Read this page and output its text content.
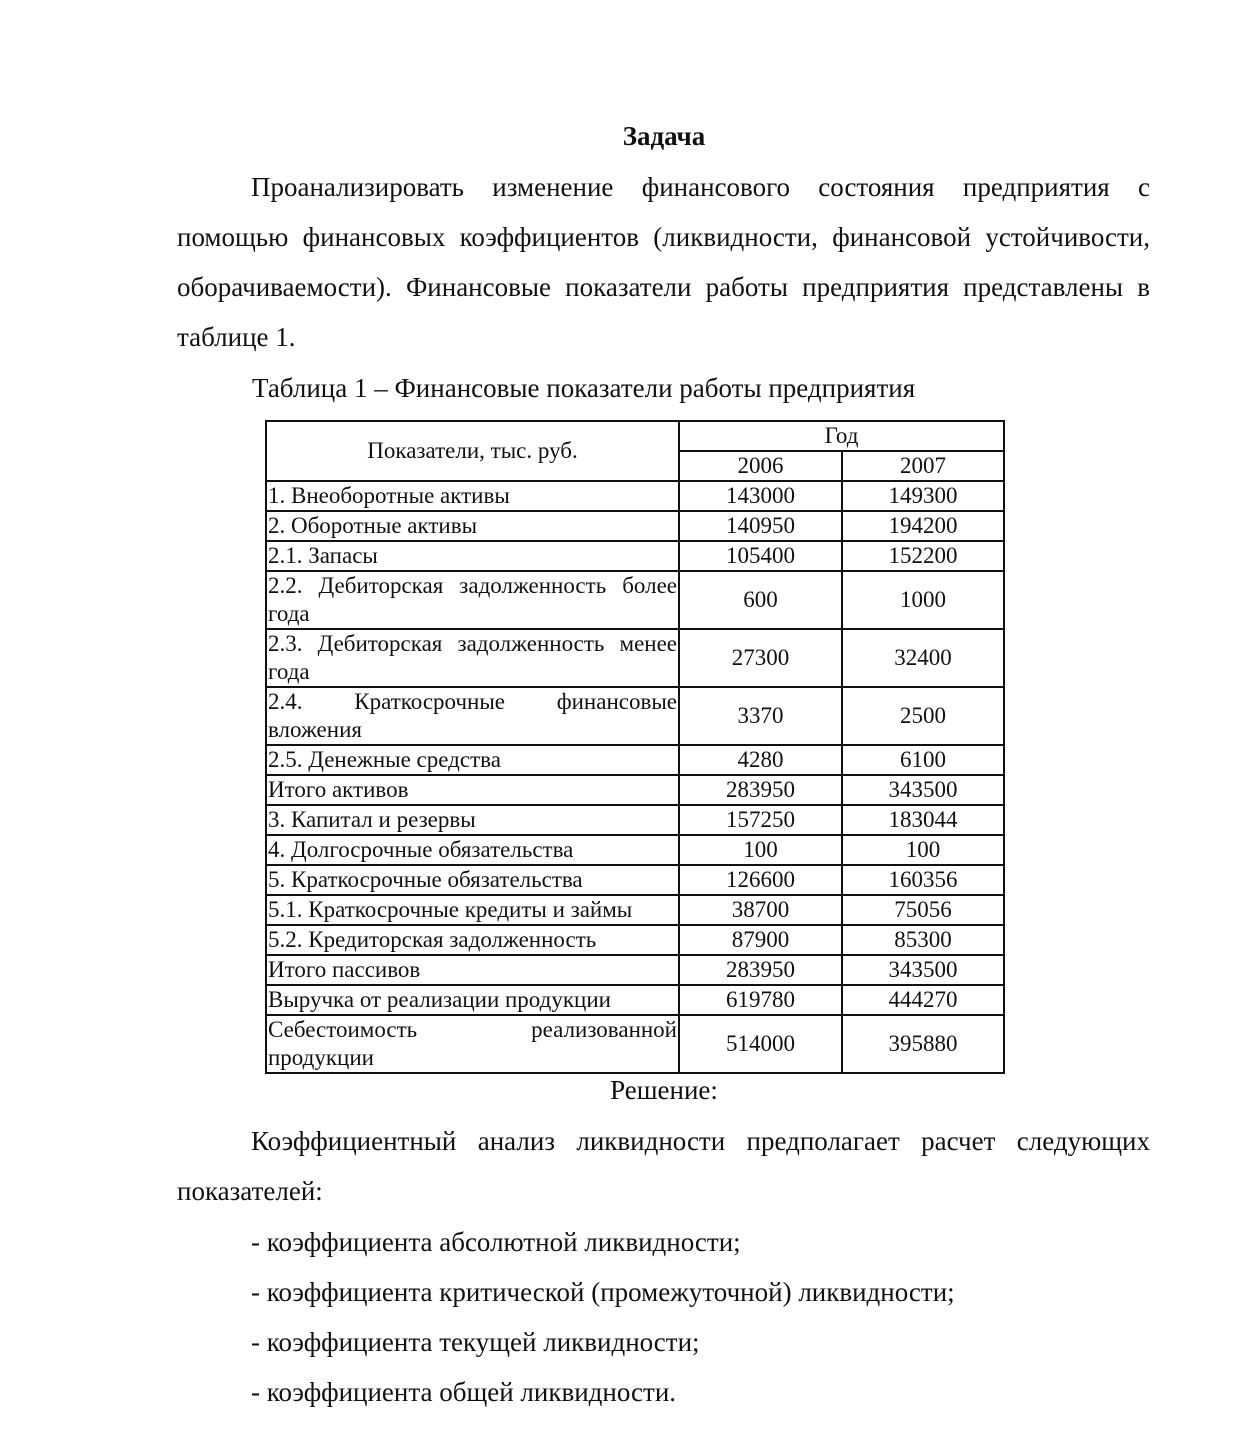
Задача
Проанализировать изменение финансового состояния предприятия с помощью финансовых коэффициентов (ликвидности, финансовой устойчивости, оборачиваемости). Финансовые показатели работы предприятия представлены в таблице 1.
Таблица 1 – Финансовые показатели работы предприятия
Показатели, тыс. руб.	Год	
	2006	2007
1. Внеоборотные активы	143000	149300
2. Оборотные активы	140950	194200
2.1. Запасы	105400	152200
2.2. Дебиторская задолженность более года	600	1000
2.3. Дебиторская задолженность менее года	27300	32400
2.4. Краткосрочные финансовые вложения	3370	2500
2.5. Денежные средства	4280	6100
Итого активов	283950	343500
3. Капитал и резервы	157250	183044
4. Долгосрочные обязательства	100	100
5. Краткосрочные обязательства	126600	160356
5.1. Краткосрочные кредиты и займы	38700	75056
5.2. Кредиторская задолженность	87900	85300
Итого пассивов	283950	343500
Выручка от реализации продукции	619780	444270
Себестоимость реализованной продукции	514000	395880
Решение:
Коэффициентный анализ ликвидности предполагает расчет следующих показателей:
- коэффициента абсолютной ликвидности;
- коэффициента критической (промежуточной) ликвидности;
- коэффициента текущей ликвидности;
- коэффициента общей ликвидности.
